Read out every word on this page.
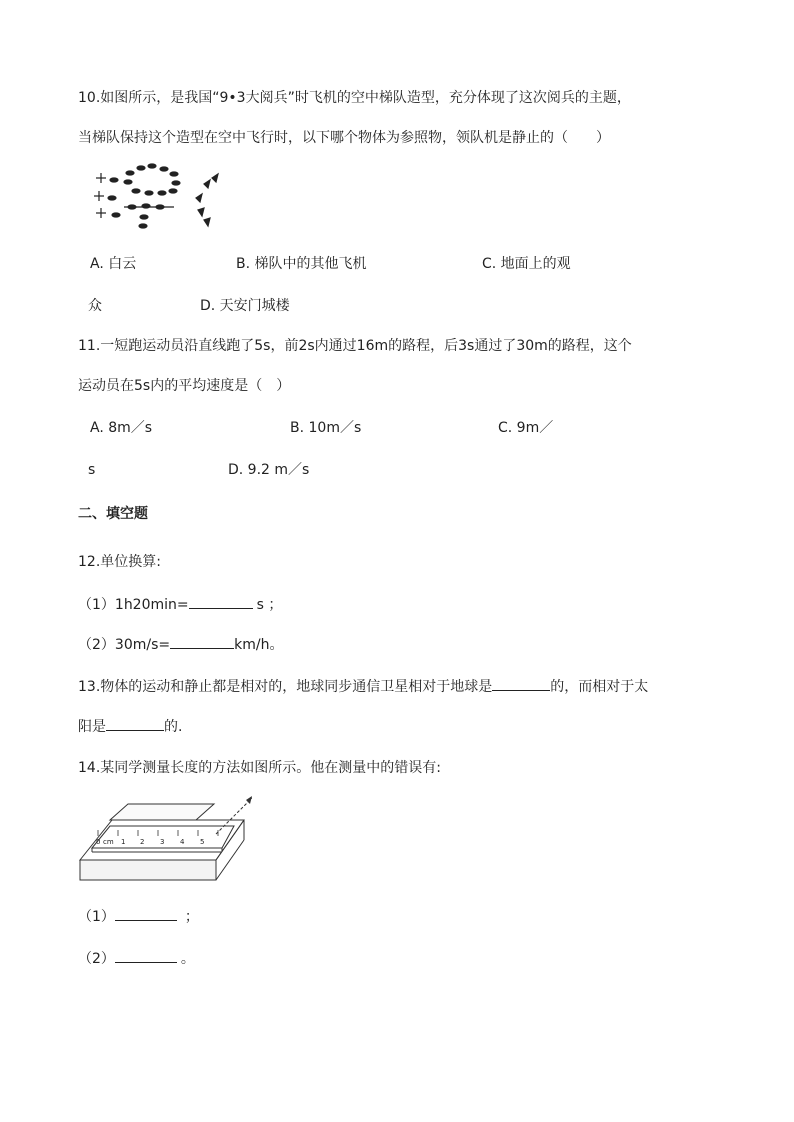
10.如图所示，是我国“9•3大阅兵”时飞机的空中梯队造型，充分体现了这次阅兵的主题，
当梯队保持这个造型在空中飞行时，以下哪个物体为参照物，领队机是静止的（　　）
A. 白云	B. 梯队中的其他飞机	C. 地面上的观
众	D. 天安门城楼
11.一短跑运动员沿直线跑了5s，前2s内通过16m的路程，后3s通过了30m的路程，这个
运动员在5s内的平均速度是（　）
A. 8m／s	B. 10m／s	C. 9m／
s	D. 9.2 m／s
二、填空题
12.单位换算:
（1）1h20min=	s ；
（2）30m/s=	km/h。
13.物体的运动和静止都是相对的，地球同步通信卫星相对于地球是	的，而相对于太
阳是	的.
14.某同学测量长度的方法如图所示。他在测量中的错误有:
0 cm 1 2 3 4 5
（1）	；
（2）	。
